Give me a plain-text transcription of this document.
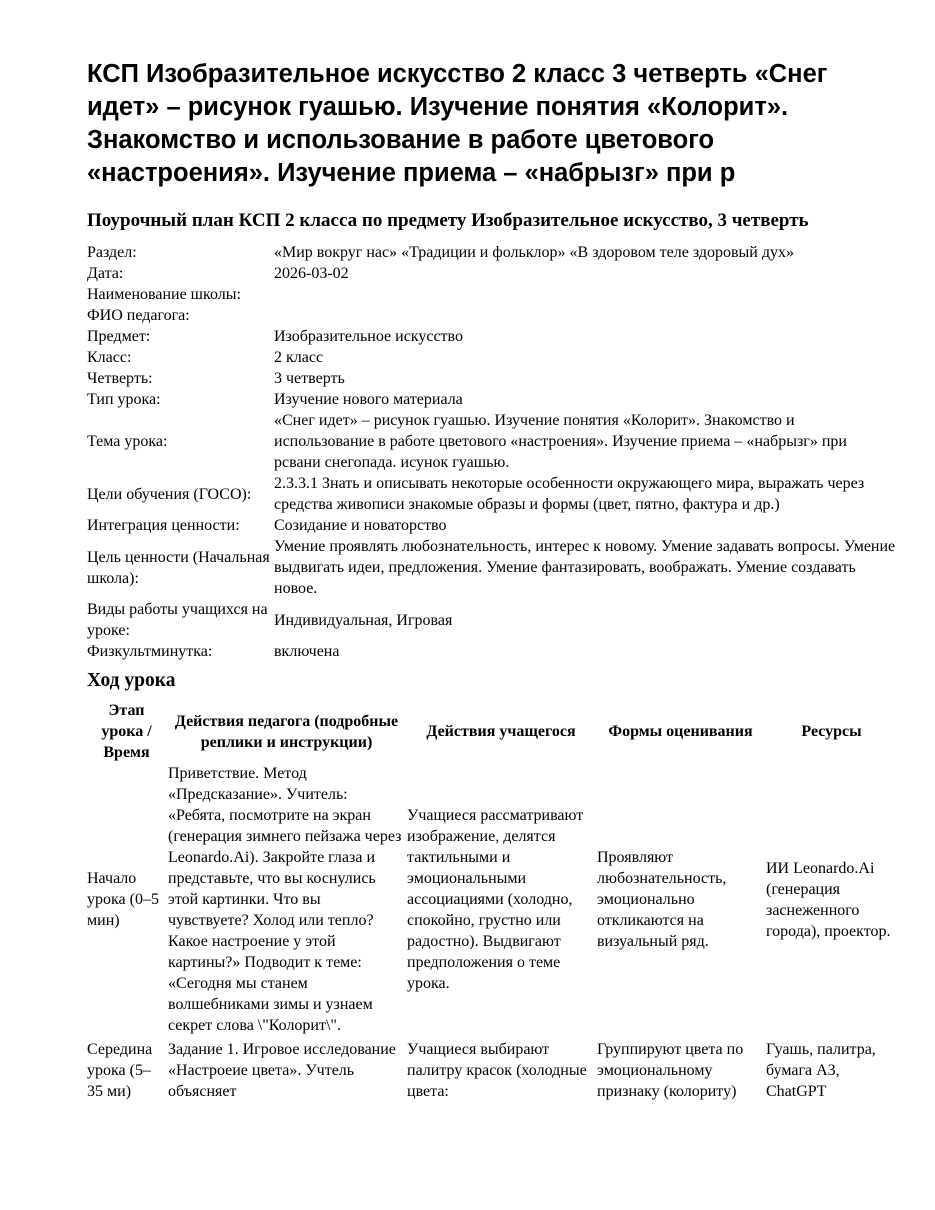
КСП Изобразительное искусство 2 класс 3 четверть «Снег идет» – рисунок гуашью. Изучение понятия «Колорит». Знакомство и использование в работе цветового «настроения». Изучение приема – «набрызг» при р
Поурочный план КСП 2 класса по предмету Изобразительное искусство, 3 четверть
Раздел:	«Мир вокруг нас» «Традиции и фольклор» «В здоровом теле здоровый дух»
Дата:	2026-03-02
Наименование школы:	
ФИО педагога:	
Предмет:	Изобразительное искусство
Класс:	2 класс
Четверть:	3 четверть
Тип урока:	Изучение нового материала
Тема урока:	«Снег идет» – рисунок гуашью. Изучение понятия «Колорит». Знакомство и использование в работе цветового «настроения». Изучение приема – «набрызг» при рсвани снегопада. исунок гуашью.
Цели обучения (ГОСО):	2.3.3.1 Знать и описывать некоторые особенности окружающего мира, выражать через средства живописи знакомые образы и формы (цвет, пятно, фактура и др.)
Интеграция ценности:	Созидание и новаторство
Цель ценности (Начальная школа):	Умение проявлять любознательность, интерес к новому. Умение задавать вопросы. Умение выдвигать идеи, предложения. Умение фантазировать, воображать. Умение создавать новое.
Виды работы учащихся на уроке:	Индивидуальная, Игровая
Физкультминутка:	включена
Ход урока
Этап урока / Время	Действия педагога (подробные реплики и инструкции)	Действия учащегося	Формы оценивания	Ресурсы
Начало урока (0–5 мин)	Приветствие. Метод «Предсказание». Учитель: «Ребята, посмотрите на экран (генерация зимнего пейзажа через Leonardo.Ai). Закройте глаза и представьте, что вы коснулись этой картинки. Что вы чувствуете? Холод или тепло? Какое настроение у этой картины?» Подводит к теме: «Сегодня мы станем волшебниками зимы и узнаем секрет слова \"Колорит\".	Учащиеся рассматривают изображение, делятся тактильными и эмоциональными ассоциациями (холодно, спокойно, грустно или радостно). Выдвигают предположения о теме урока.	Проявляют любознательность, эмоционально откликаются на визуальный ряд.	ИИ Leonardo.Ai (генерация заснеженного города), проектор.
Середина урока (5–35 ми)	Задание 1. Игровое исследование «Настроеие цвета». Учтель объясняет	Учащиеся выбирают палитру красок (холодные цвета:	Группируют цвета по эмоциональному признаку (колориту)	Гуашь, палитра, бумага А3, ChatGPT
